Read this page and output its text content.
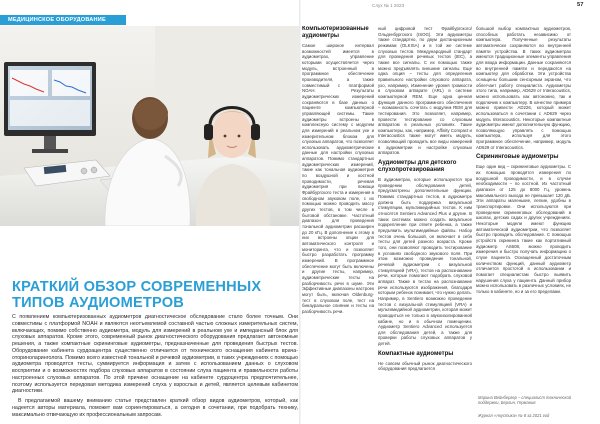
МЕДИЦИНСКОЕ ОБОРУДОВАНИЕ
КРАТКИЙ ОБЗОР СОВРЕМЕННЫХ
ТИПОВ АУДИОМЕТРОВ

С появлением компьютеризованных аудиометров диагностическое обследование стало более точным. Они совместимы с платформой NOAH и являются неотъемлемой составной частью сложных измерительных систем, включающих, помимо собственно аудиометра, модуль для измерений в реальном ухе и импедансный блок для слуховых аппаратов. Кроме этого, современный рынок диагностического оборудования предлагает автономные решения, а также компактные скрининговые аудиометры, предназначенные для проведения быстрых тестов. Оборудование кабинета сурдоацентра существенно отличается от технического оснащения кабинета врача-оториноларинголога. Помимо всего известной тональной и речевой аудиометрии, в таких учреждениях с помощью аудиометра проводятся тесты, суммируется информация и затем с использованием данных о слуховом восприятии и о возможностях подбора слуховых аппаратов в состоянии слуха пациента и правильности работы настроенных слуховых аппаратов. По этой причине оснащение на кабинете сурдоцентра предпочтительнее, поэтому используется передовая методика измерений слуха у взрослых и детей, является целевым кабинетом диагностики.

В предлагаемой вашему вниманию статье представлен краткий обзор видов аудиометров, который, как надеется авторы материала, поможет вам сориентироваться, а сегодня в сочетании, при подобрать технику, максимально отвечающую их профессиональным запросам.

Слух № 1 2023	57
Компьютеризованные аудиометры

Самое широкое интервал возможностей имеется в аудиометрах, управление которыми осуществляется через модуль, встроенный в программное обеспечение производителя, а также совместимый с платформой NOAH. Результаты аудиометрических измерений сохраняются в базе данных о пациенте компьютерной управляющей системы. Такие аудиометры встроены в комплексную систему с модулем для измерений в реальном ухе и измерительном блоком для слуховых аппаратов, что позволяет использовать аудиометрические данные для настройки слуховых аппаратов. Помимо стандартных аудиометрических измерений, такие как тональная аудиометрия по воздушной и костной проводимости, речевая аудиометрия при помощи Фрайбургского теста и измерения в свободном звуковом поле, с их помощью можно проводить массу других тестов, в том числе в бытовой обстановке. Частотный диапазон для проведения тональной аудиометрии расширен до 20 кГц. В дополнение к этому в них встроены опции для автоматического контроля и мониторинга, что и позволяет быстро разработать программу измерений. В программное обеспечение могут быть включены и другие тесты, например, аудиометрические тесты на разборчивость речи в шуме. Эти Эффективные диапазоны настроек могут быть, включая Oldenburg-тест в слуховом поле, тест на бинауральное слияние и тесты на разборчивость речи.

ный цифровой тест Фрайбургского/Ольденбургского (ISOG). Эти аудиометры также стандартно, по двум дистанционным режимам (OLKISA) и в той же системе слуховых тестов. Международный стандарт для проведения речевых тестов (IEC), а также все сигналы. С их помощью также можно предъявлять внешние сигналы. Еще одна опция – тесты для определения правильного настройки слухового аппарата, ухо, например, Изменение уровня громкости в слуховом аппарате (ARL) в системе компьютерной REM. Еще одна ценная функция данного программного обеспечения – возможность сочетать с модулем REM для тестирования. Это позволяет, например, провести тестирование со слуховым аппаратом в реальных условиях. Такие компьютеры, как, например, Affinity Compact и Interacoustics также могут иметь модуль, позволяющий проводить все виды измерений в аудиометрии и настройке слуховых аппаратов.

Аудиометры для детского слухопротезирования

В аудиометрах, которые используются при проведении обследования детей, предусмотрены дополнительные функции. Помимо стандартных тестов, в аудиометре должна быть поддержка визуальной стимуляции, мультимедийных тестов. К ним относятся Sentiero Advanced Plus и другие. В таких системах можно создать визуальное подкрепление при ответе ребенка, а также предъявить мультимедийные файлы. Набор тестов очень большой, он включает в себя тесты для детей разного возраста. Кроме того, они позволяют проводить тестирование в условиях свободного звукового поля. При этом возможно проведение тональной, речевой аудиометрии с визуальной стимуляцией (VRA), тестов на распознавание речи, которые помогают подобрать слуховой аппарат. Также в тестах на распознавание речи используются изображения, благодаря которым ребенок понимает, что нужно делать. Например, в Sentiero возможно проведение тестов с визуальной стимуляцией (VRA) и мультимедийной аудиометрии, которая может проводиться не только в звукоизолированной кабине, но и в обычном помещении. Аудиометр Sentiero Advanced используется для обследования детей, а также для проверки работы слуховых аппаратов у детей.

Компактные аудиометры

Не совсем обычный рынок диагностического оборудования предлагается

большой выбор компактных аудиометров, способных работать независимо от компьютера. Полученные результаты автоматически сохраняются во внутренней памяти устройства. В таких аудиометрах имеются традиционные элементы управления для ввода информации. Данные сохраняются во внутренней памяти и передаются на компьютер для обработки. Эти устройства оснащены большим сенсорным экраном, что облегчает работу специалиста. Аудиометры этого типа, например, AD629 от Interacoustics, можно использовать как автономно, так и подключив к компьютеру. В качестве примера можно привести AD226, который может использоваться в сочетании с AD629 через модуль Interacoustics. Некоторые компактные аудиометры имеют дополнительную функцию, позволяющую управлять с помощью компьютера, используя для этого программное обеспечение, например, модуль AD629 от Interacoustics.

Скрининговые аудиометры

Еще один вид – скрининговые аудиометры. С их помощью проводятся измерения по воздушной проводимости, и в случае необходимости – по костной. Их частотный диапазон от 125 до 8000 Гц, уровень максимального выхода не превышает 120 дБ. Эти аппараты маленькие, легкие, удобны в транспортировке. Они используются при проведении скрининговых обследований в школах, детских садах и других учреждениях. Некоторые модели имеют функцию автоматической аудиометрии, что позволяет быстро проводить обследование. С помощью устройств скрининга такие как портативный аудиометр AS608, можно проводить измерения и быстро получать информацию о слухе пациента. Оснащенный достаточным количеством функций, данный аудиометр отличается простотой в использовании и помогает специалистам быстро выявить нарушения слуха у пациента. Данный прибор можно использовать в различных условиях, не только в кабинете, но и за его пределами.

Марина Вейнбергер – специалист технической поддержки, Берлин, Германия.
Журнал «Акустика» № 8 за 2021 год
